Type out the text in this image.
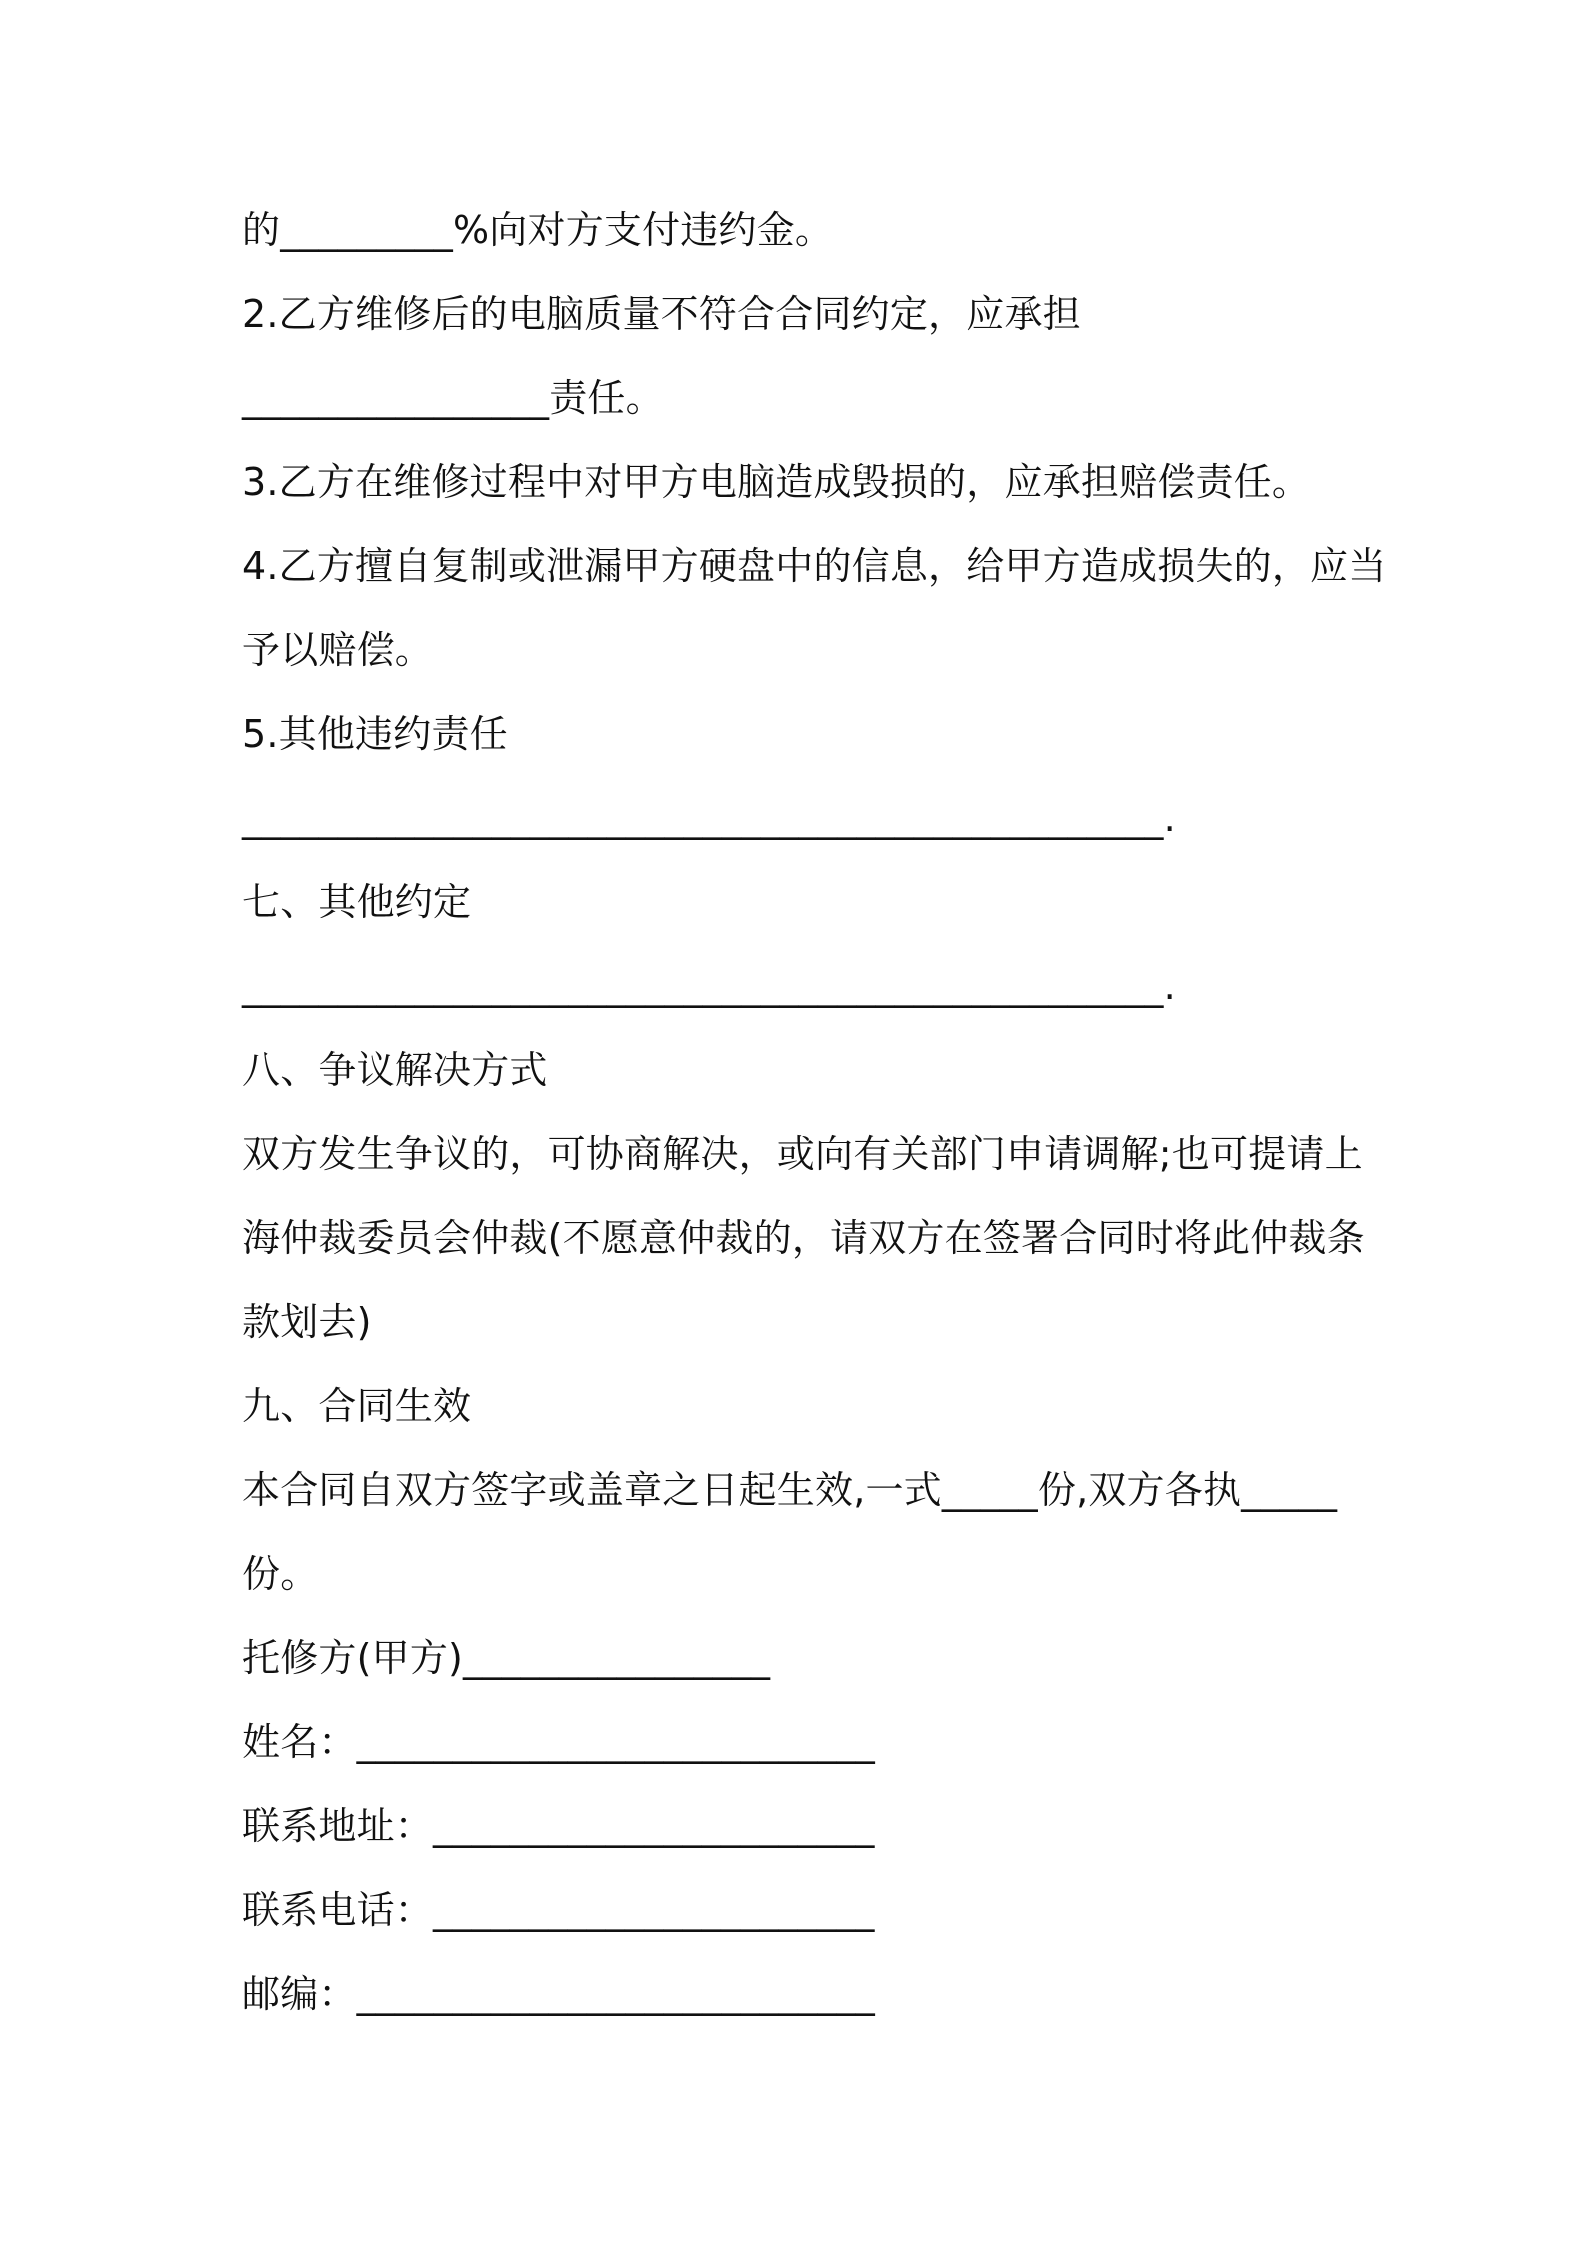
的_________%向对方支付违约金。
2.乙方维修后的电脑质量不符合合同约定，应承担
________________责任。
3.乙方在维修过程中对甲方电脑造成毁损的，应承担赔偿责任。
4.乙方擅自复制或泄漏甲方硬盘中的信息，给甲方造成损失的，应当
予以赔偿。
5.其他违约责任
________________________________________________.
七、其他约定
________________________________________________.
八、争议解决方式
双方发生争议的，可协商解决，或向有关部门申请调解;也可提请上
海仲裁委员会仲裁(不愿意仲裁的，请双方在签署合同时将此仲裁条
款划去)
九、合同生效
本合同自双方签字或盖章之日起生效,一式_____份,双方各执_____
份。
托修方(甲方)________________
姓名：___________________________
联系地址：_______________________
联系电话：_______________________
邮编：___________________________
